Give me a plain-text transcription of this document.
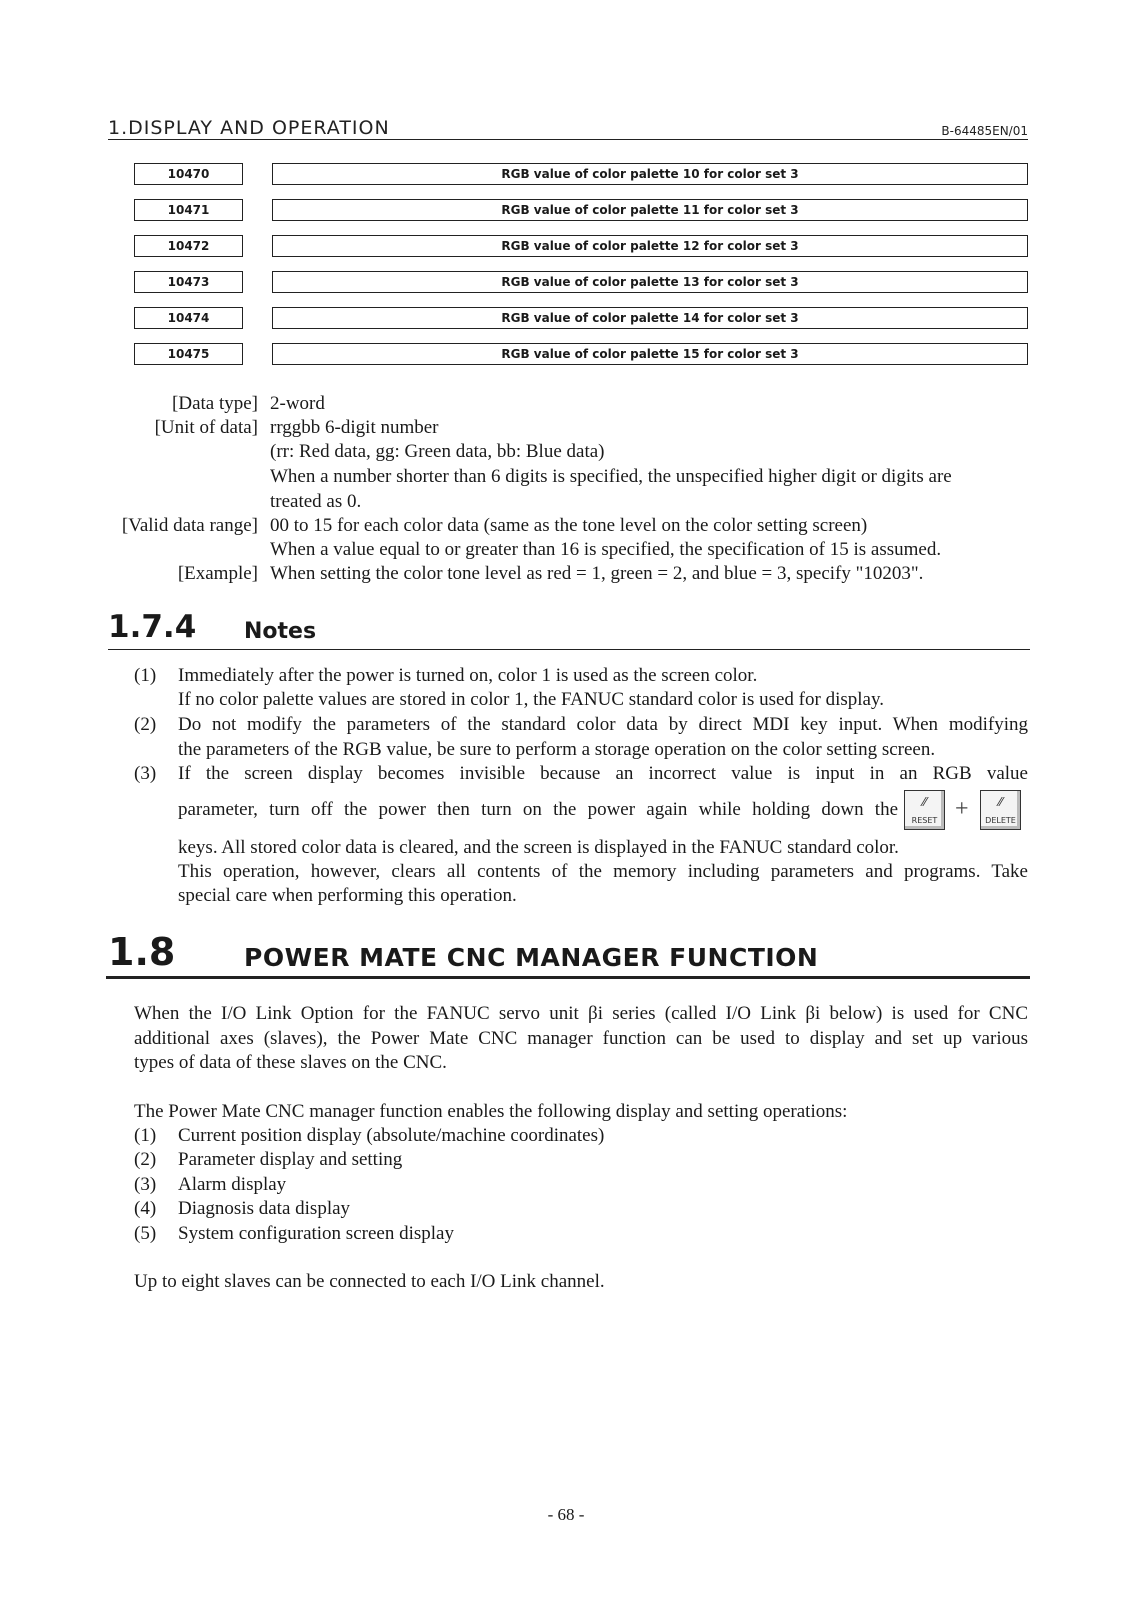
1.DISPLAY AND OPERATION	B-64485EN/01
10470	RGB value of color palette 10 for color set 3
10471	RGB value of color palette 11 for color set 3
10472	RGB value of color palette 12 for color set 3
10473	RGB value of color palette 13 for color set 3
10474	RGB value of color palette 14 for color set 3
10475	RGB value of color palette 15 for color set 3
[Data type] 2-word
[Unit of data] rrggbb 6-digit number
(rr: Red data, gg: Green data, bb: Blue data)
When a number shorter than 6 digits is specified, the unspecified higher digit or digits are
treated as 0.
[Valid data range] 00 to 15 for each color data (same as the tone level on the color setting screen)
When a value equal to or greater than 16 is specified, the specification of 15 is assumed.
[Example] When setting the color tone level as red = 1, green = 2, and blue = 3, specify "10203".
1.7.4 Notes
(1) Immediately after the power is turned on, color 1 is used as the screen color.
If no color palette values are stored in color 1, the FANUC standard color is used for display.
(2) Do not modify the parameters of the standard color data by direct MDI key input. When modifying
the parameters of the RGB value, be sure to perform a storage operation on the color setting screen.
(3) If the screen display becomes invisible because an incorrect value is input in an RGB value
parameter, turn off the power then turn on the power again while holding down the	⁄⁄
RESET +	⁄⁄
DELETE
keys. All stored color data is cleared, and the screen is displayed in the FANUC standard color.
This operation, however, clears all contents of the memory including parameters and programs. Take
special care when performing this operation.
1.8	POWER MATE CNC MANAGER FUNCTION
When the I/O Link Option for the FANUC servo unit βi series (called I/O Link βi below) is used for CNC
additional axes (slaves), the Power Mate CNC manager function can be used to display and set up various
types of data of these slaves on the CNC.
The Power Mate CNC manager function enables the following display and setting operations:
(1) Current position display (absolute/machine coordinates)
(2) Parameter display and setting
(3) Alarm display
(4) Diagnosis data display
(5) System configuration screen display
Up to eight slaves can be connected to each I/O Link channel.
- 68 -
